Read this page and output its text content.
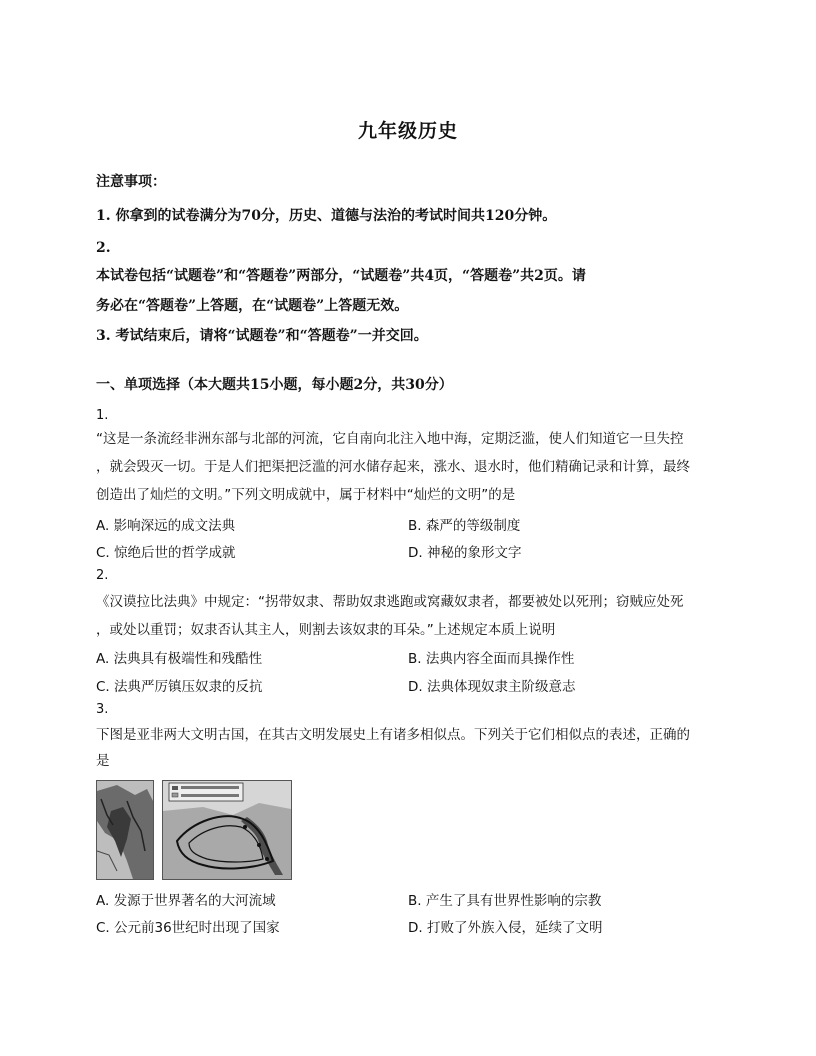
九年级历史
注意事项：
1. 你拿到的试卷满分为70分，历史、道德与法治的考试时间共120分钟。
2.
本试卷包括“试题卷”和“答题卷”两部分，“试题卷”共4页，“答题卷”共2页。请
务必在“答题卷”上答题，在“试题卷”上答题无效。
3. 考试结束后，请将“试题卷”和“答题卷”一并交回。
一、单项选择（本大题共15小题，每小题2分，共30分）
1.
“这是一条流经非洲东部与北部的河流，它自南向北注入地中海，定期泛滥，使人们知道它一旦失控
，就会毁灭一切。于是人们把渠把泛滥的河水储存起来，涨水、退水时，他们精确记录和计算，最终
创造出了灿烂的文明。”下列文明成就中，属于材料中“灿烂的文明”的是
A. 影响深远的成文法典	B. 森严的等级制度
C. 惊绝后世的哲学成就	D. 神秘的象形文字
2.
《汉谟拉比法典》中规定：“拐带奴隶、帮助奴隶逃跑或窝藏奴隶者，都要被处以死刑；窃贼应处死
，或处以重罚；奴隶否认其主人，则割去该奴隶的耳朵。”上述规定本质上说明
A. 法典具有极端性和残酷性	B. 法典内容全面而具操作性
C. 法典严厉镇压奴隶的反抗	D. 法典体现奴隶主阶级意志
3.
下图是亚非两大文明古国，在其古文明发展史上有诸多相似点。下列关于它们相似点的表述，正确的
是
A. 发源于世界著名的大河流域	B. 产生了具有世界性影响的宗教
C. 公元前36世纪时出现了国家	D. 打败了外族入侵，延续了文明
